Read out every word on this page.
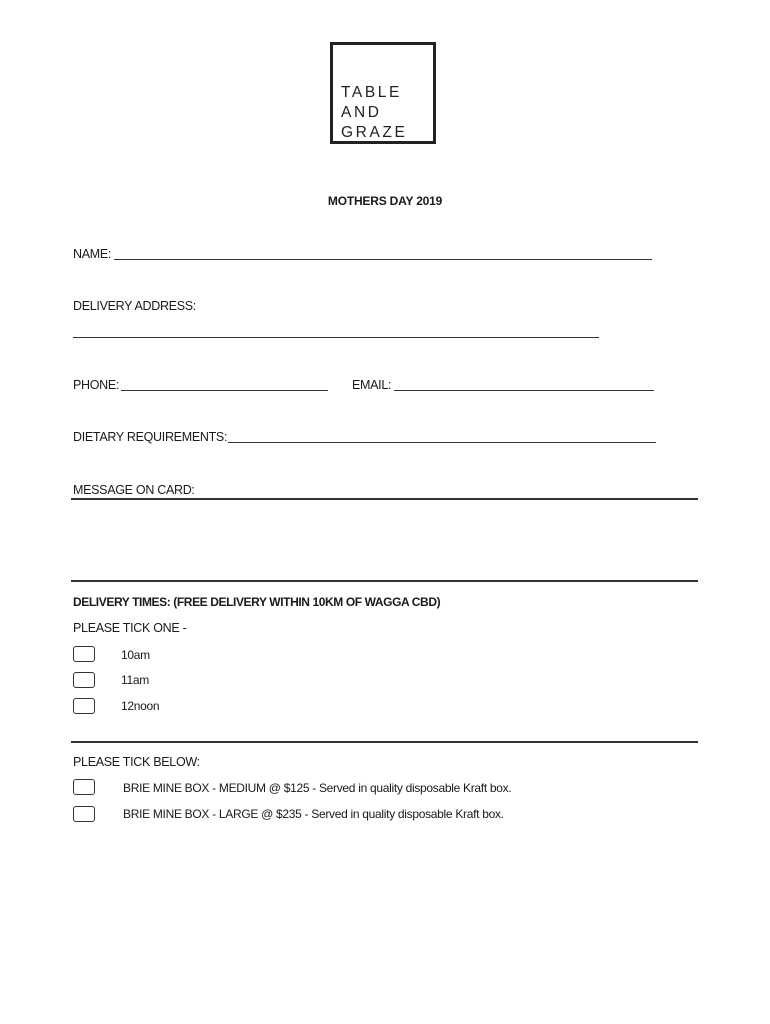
TABLE
AND
GRAZE
MOTHERS DAY 2019
NAME:
DELIVERY ADDRESS:
PHONE:	EMAIL:
DIETARY REQUIREMENTS:
MESSAGE ON CARD:
DELIVERY TIMES: (FREE DELIVERY WITHIN 10KM OF WAGGA CBD)
PLEASE TICK ONE -
10am
11am
12noon
PLEASE TICK BELOW:
BRIE MINE BOX - MEDIUM @ $125 - Served in quality disposable Kraft box.
BRIE MINE BOX - LARGE @ $235 - Served in quality disposable Kraft box.
